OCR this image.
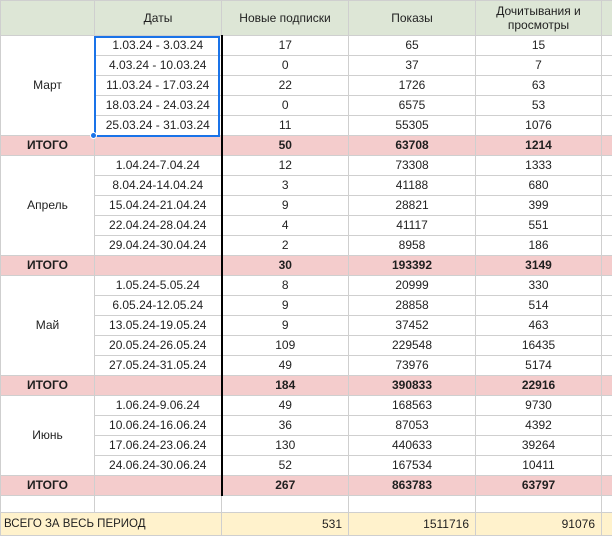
	Даты	Новые подписки	Показы	Дочитывания и просмотры	
Март	1.03.24 - 3.03.24	17	65	15	
	4.03.24 - 10.03.24	0	37	7	
	11.03.24 - 17.03.24	22	1726	63	
	18.03.24 - 24.03.24	0	6575	53	
	25.03.24 - 31.03.24	11	55305	1076	
ИТОГО		50	63708	1214	
Апрель	1.04.24-7.04.24	12	73308	1333	
	8.04.24-14.04.24	3	41188	680	
	15.04.24-21.04.24	9	28821	399	
	22.04.24-28.04.24	4	41117	551	
	29.04.24-30.04.24	2	8958	186	
ИТОГО		30	193392	3149	
Май	1.05.24-5.05.24	8	20999	330	
	6.05.24-12.05.24	9	28858	514	
	13.05.24-19.05.24	9	37452	463	
	20.05.24-26.05.24	109	229548	16435	
	27.05.24-31.05.24	49	73976	5174	
ИТОГО		184	390833	22916	
Июнь	1.06.24-9.06.24	49	168563	9730	
	10.06.24-16.06.24	36	87053	4392	
	17.06.24-23.06.24	130	440633	39264	
	24.06.24-30.06.24	52	167534	10411	
ИТОГО		267	863783	63797	

ВСЕГО ЗА ВЕСЬ ПЕРИОД		531	1511716	91076	
